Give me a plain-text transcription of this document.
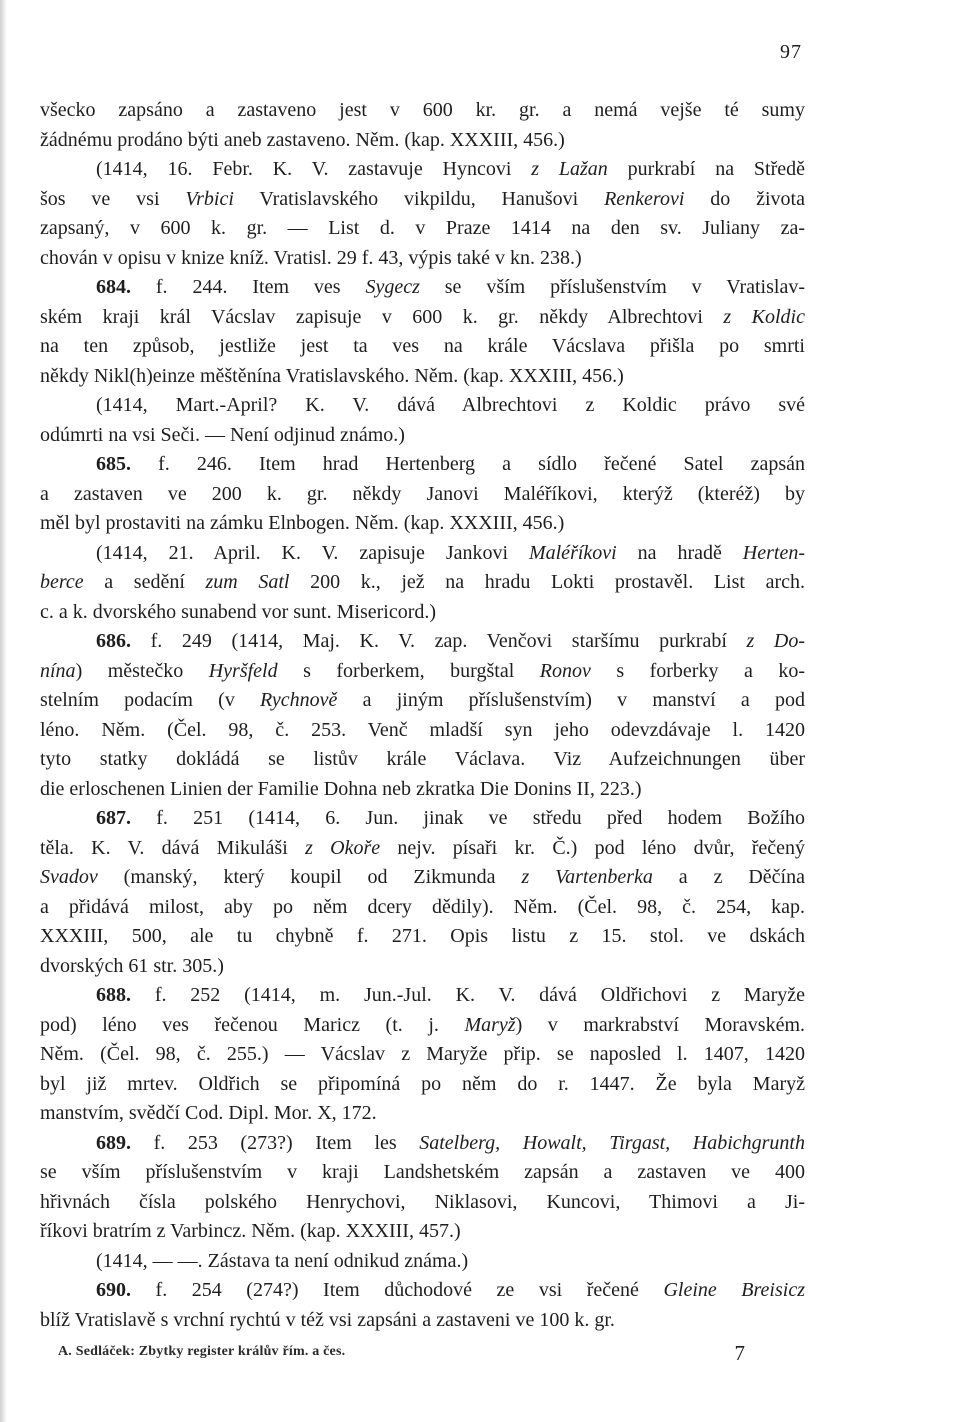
97
všecko zapsáno a zastaveno jest v 600 kr. gr. a nemá vejše té sumy
žádnému prodáno býti aneb zastaveno. Něm. (kap. XXXIII, 456.)
(1414, 16. Febr. K. V. zastavuje Hyncovi z Lažan purkrabí na Středě
šos ve vsi Vrbici Vratislavského vikpildu, Hanušovi Renkerovi do života
zapsaný, v 600 k. gr. — List d. v Praze 1414 na den sv. Juliany za-
chován v opisu v knize kníž. Vratisl. 29 f. 43, výpis také v kn. 238.)
684. f. 244. Item ves Sygecz se vším příslušenstvím v Vratislav-
ském kraji král Vácslav zapisuje v 600 k. gr. někdy Albrechtovi z Koldic
na ten způsob, jestliže jest ta ves na krále Vácslava přišla po smrti
někdy Nikl(h)einze měštěnína Vratislavského. Něm. (kap. XXXIII, 456.)
(1414, Mart.-April? K. V. dává Albrechtovi z Koldic právo své
odúmrti na vsi Seči. — Není odjinud známo.)
685. f. 246. Item hrad Hertenberg a sídlo řečené Satel zapsán
a zastaven ve 200 k. gr. někdy Janovi Maléříkovi, kterýž (kteréž) by
měl byl prostaviti na zámku Elnbogen. Něm. (kap. XXXIII, 456.)
(1414, 21. April. K. V. zapisuje Jankovi Maléříkovi na hradě Herten-
berce a sedění zum Satl 200 k., jež na hradu Lokti prostavěl. List arch.
c. a k. dvorského sunabend vor sunt. Misericord.)
686. f. 249 (1414, Maj. K. V. zap. Venčovi staršímu purkrabí z Do-
nína) městečko Hyršfeld s forberkem, burgštal Ronov s forberky a ko-
stelním podacím (v Rychnově a jiným příslušenstvím) v manství a pod
léno. Něm. (Čel. 98, č. 253. Venč mladší syn jeho odevzdávaje l. 1420
tyto statky dokládá se listův krále Václava. Viz Aufzeichnungen über
die erloschenen Linien der Familie Dohna neb zkratka Die Donins II, 223.)
687. f. 251 (1414, 6. Jun. jinak ve středu před hodem Božího
těla. K. V. dává Mikuláši z Okoře nejv. písaři kr. Č.) pod léno dvůr, řečený
Svadov (manský, který koupil od Zikmunda z Vartenberka a z Děčína
a přidává milost, aby po něm dcery dědily). Něm. (Čel. 98, č. 254, kap.
XXXIII, 500, ale tu chybně f. 271. Opis listu z 15. stol. ve dskách
dvorských 61 str. 305.)
688. f. 252 (1414, m. Jun.-Jul. K. V. dává Oldřichovi z Maryže
pod) léno ves řečenou Maricz (t. j. Maryž) v markrabství Moravském.
Něm. (Čel. 98, č. 255.) — Vácslav z Maryže přip. se naposled l. 1407, 1420
byl již mrtev. Oldřich se připomíná po něm do r. 1447. Že byla Maryž
manstvím, svědčí Cod. Dipl. Mor. X, 172.
689. f. 253 (273?) Item les Satelberg, Howalt, Tirgast, Habichgrunth
se vším příslušenstvím v kraji Landshetském zapsán a zastaven ve 400
hřivnách čísla polského Henrychovi, Niklasovi, Kuncovi, Thimovi a Ji-
říkovi bratrím z Varbincz. Něm. (kap. XXXIII, 457.)
(1414, — —. Zástava ta není odnikud známa.)
690. f. 254 (274?) Item důchodové ze vsi řečené Gleine Breisicz
blíž Vratislavě s vrchní rychtú v též vsi zapsáni a zastaveni ve 100 k. gr.
A. Sedláček: Zbytky register králův řím. a čes.	7
